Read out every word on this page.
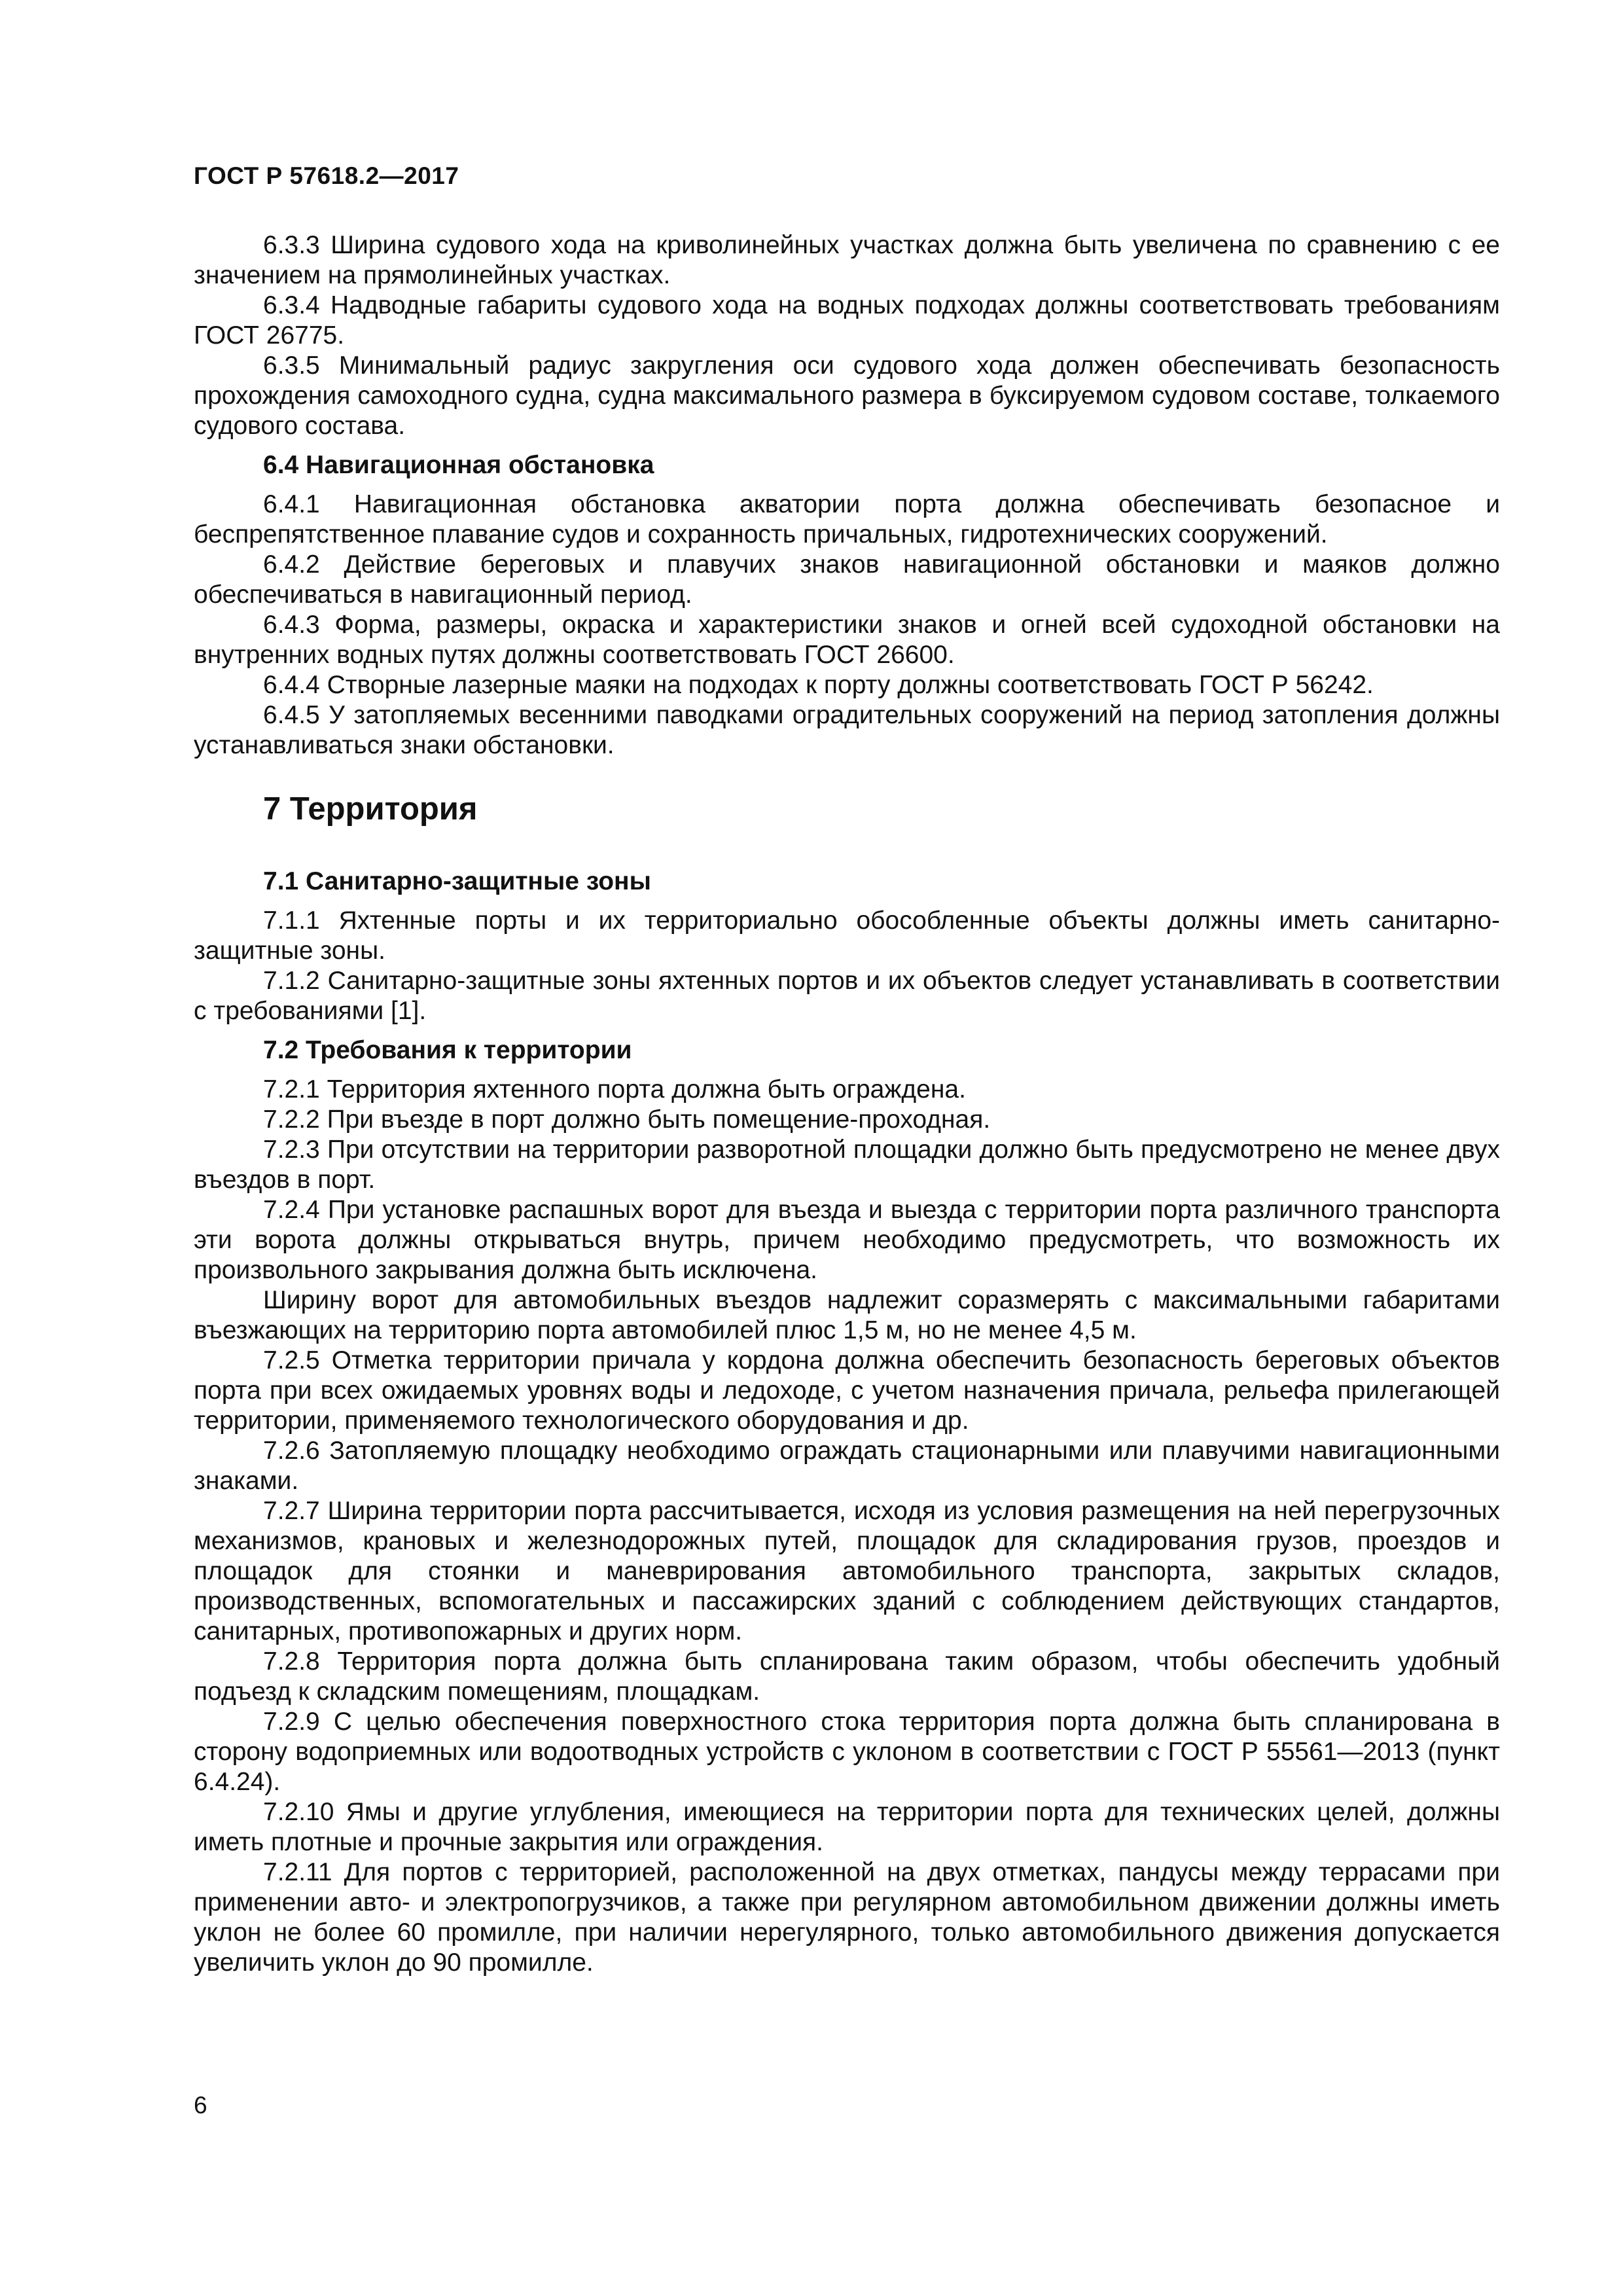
ГОСТ Р 57618.2—2017

6.3.3 Ширина судового хода на криволинейных участках должна быть увеличена по сравнению с ее значением на прямолинейных участках.

6.3.4 Надводные габариты судового хода на водных подходах должны соответствовать требованиям ГОСТ 26775.

6.3.5 Минимальный радиус закругления оси судового хода должен обеспечивать безопасность прохождения самоходного судна, судна максимального размера в буксируемом судовом составе, толкаемого судового состава.

6.4 Навигационная обстановка

6.4.1 Навигационная обстановка акватории порта должна обеспечивать безопасное и беспрепятственное плавание судов и сохранность причальных, гидротехнических сооружений.

6.4.2 Действие береговых и плавучих знаков навигационной обстановки и маяков должно обеспечиваться в навигационный период.

6.4.3 Форма, размеры, окраска и характеристики знаков и огней всей судоходной обстановки на внутренних водных путях должны соответствовать ГОСТ 26600.

6.4.4 Створные лазерные маяки на подходах к порту должны соответствовать ГОСТ Р 56242.

6.4.5 У затопляемых весенними паводками оградительных сооружений на период затопления должны устанавливаться знаки обстановки.

7 Территория
7.1 Санитарно-защитные зоны

7.1.1 Яхтенные порты и их территориально обособленные объекты должны иметь санитарно-защитные зоны.

7.1.2 Санитарно-защитные зоны яхтенных портов и их объектов следует устанавливать в соответствии с требованиями [1].

7.2 Требования к территории

7.2.1 Территория яхтенного порта должна быть ограждена.

7.2.2 При въезде в порт должно быть помещение-проходная.

7.2.3 При отсутствии на территории разворотной площадки должно быть предусмотрено не менее двух въездов в порт.

7.2.4 При установке распашных ворот для въезда и выезда с территории порта различного транспорта эти ворота должны открываться внутрь, причем необходимо предусмотреть, что возможность их произвольного закрывания должна быть исключена.

Ширину ворот для автомобильных въездов надлежит соразмерять с максимальными габаритами въезжающих на территорию порта автомобилей плюс 1,5 м, но не менее 4,5 м.

7.2.5 Отметка территории причала у кордона должна обеспечить безопасность береговых объектов порта при всех ожидаемых уровнях воды и ледоходе, с учетом назначения причала, рельефа прилегающей территории, применяемого технологического оборудования и др.

7.2.6 Затопляемую площадку необходимо ограждать стационарными или плавучими навигационными знаками.

7.2.7 Ширина территории порта рассчитывается, исходя из условия размещения на ней перегрузочных механизмов, крановых и железнодорожных путей, площадок для складирования грузов, проездов и площадок для стоянки и маневрирования автомобильного транспорта, закрытых складов, производственных, вспомогательных и пассажирских зданий с соблюдением действующих стандартов, санитарных, противопожарных и других норм.

7.2.8 Территория порта должна быть спланирована таким образом, чтобы обеспечить удобный подъезд к складским помещениям, площадкам.

7.2.9 С целью обеспечения поверхностного стока территория порта должна быть спланирована в сторону водоприемных или водоотводных устройств с уклоном в соответствии с ГОСТ Р 55561—2013 (пункт 6.4.24).

7.2.10 Ямы и другие углубления, имеющиеся на территории порта для технических целей, должны иметь плотные и прочные закрытия или ограждения.

7.2.11 Для портов с территорией, расположенной на двух отметках, пандусы между террасами при применении авто- и электропогрузчиков, а также при регулярном автомобильном движении должны иметь уклон не более 60 промилле, при наличии нерегулярного, только автомобильного движения допускается увеличить уклон до 90 промилле.

6
